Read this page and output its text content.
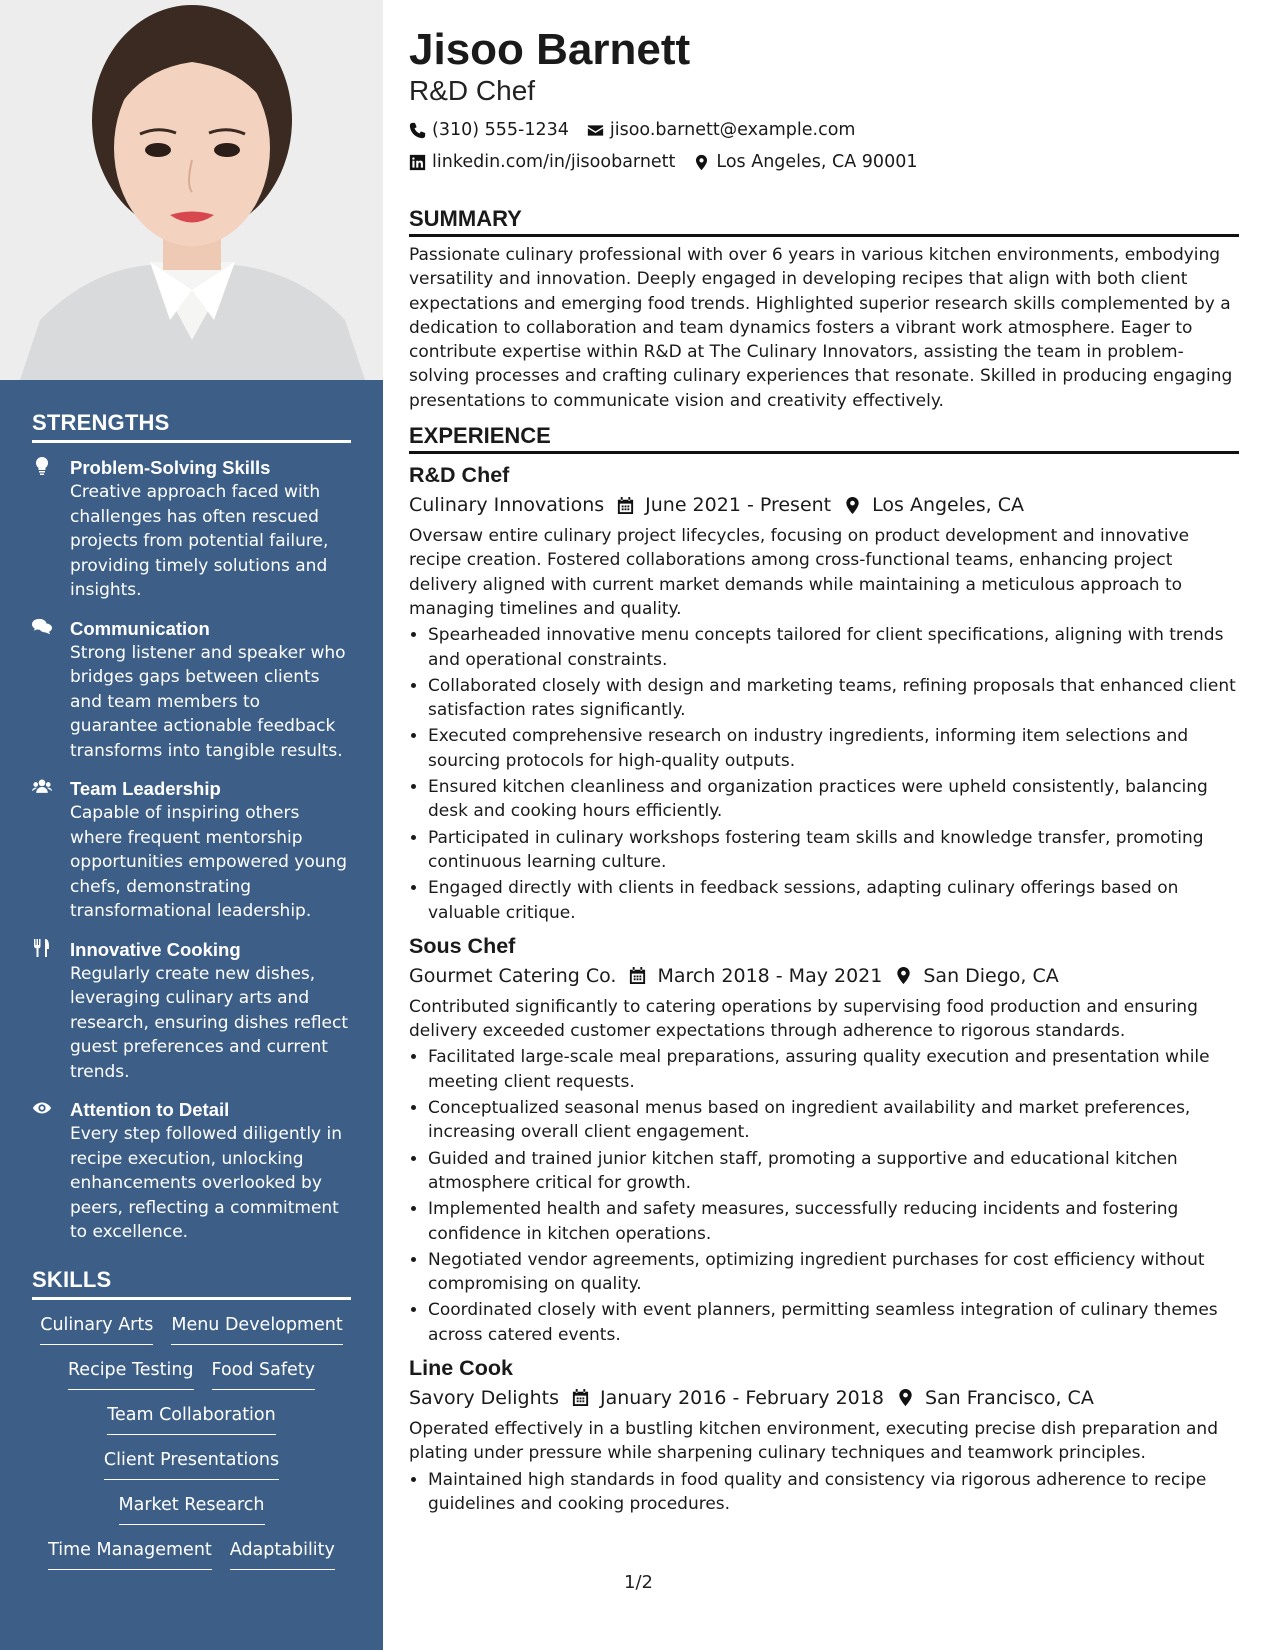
STRENGTHS
Problem-Solving Skills
Creative approach faced with challenges has often rescued projects from potential failure, providing timely solutions and insights.
Communication
Strong listener and speaker who bridges gaps between clients and team members to guarantee actionable feedback transforms into tangible results.
Team Leadership
Capable of inspiring others where frequent mentorship opportunities empowered young chefs, demonstrating transformational leadership.
Innovative Cooking
Regularly create new dishes, leveraging culinary arts and research, ensuring dishes reflect guest preferences and current trends.
Attention to Detail
Every step followed diligently in recipe execution, unlocking enhancements overlooked by peers, reflecting a commitment to excellence.
SKILLS
Culinary Arts Menu Development
Recipe Testing Food Safety
Team Collaboration
Client Presentations
Market Research
Time Management Adaptability
Jisoo Barnett
R&D Chef
(310) 555-1234 jisoo.barnett@example.com
linkedin.com/in/jisoobarnett Los Angeles, CA 90001
SUMMARY

Passionate culinary professional with over 6 years in various kitchen environments, embodying versatility and innovation. Deeply engaged in developing recipes that align with both client expectations and emerging food trends. Highlighted superior research skills complemented by a dedication to collaboration and team dynamics fosters a vibrant work atmosphere. Eager to contribute expertise within R&D at The Culinary Innovators, assisting the team in problem-solving processes and crafting culinary experiences that resonate. Skilled in producing engaging presentations to communicate vision and creativity effectively.

EXPERIENCE
R&D Chef
Culinary Innovations June 2021 - Present Los Angeles, CA

Oversaw entire culinary project lifecycles, focusing on product development and innovative recipe creation. Fostered collaborations among cross-functional teams, enhancing project delivery aligned with current market demands while maintaining a meticulous approach to managing timelines and quality.

• Spearheaded innovative menu concepts tailored for client specifications, aligning with trends and operational constraints.
• Collaborated closely with design and marketing teams, refining proposals that enhanced client satisfaction rates significantly.
• Executed comprehensive research on industry ingredients, informing item selections and sourcing protocols for high-quality outputs.
• Ensured kitchen cleanliness and organization practices were upheld consistently, balancing desk and cooking hours efficiently.
• Participated in culinary workshops fostering team skills and knowledge transfer, promoting continuous learning culture.
• Engaged directly with clients in feedback sessions, adapting culinary offerings based on valuable critique.
Sous Chef
Gourmet Catering Co. March 2018 - May 2021 San Diego, CA

Contributed significantly to catering operations by supervising food production and ensuring delivery exceeded customer expectations through adherence to rigorous standards.

• Facilitated large-scale meal preparations, assuring quality execution and presentation while meeting client requests.
• Conceptualized seasonal menus based on ingredient availability and market preferences, increasing overall client engagement.
• Guided and trained junior kitchen staff, promoting a supportive and educational kitchen atmosphere critical for growth.
• Implemented health and safety measures, successfully reducing incidents and fostering confidence in kitchen operations.
• Negotiated vendor agreements, optimizing ingredient purchases for cost efficiency without compromising on quality.
• Coordinated closely with event planners, permitting seamless integration of culinary themes across catered events.
Line Cook
Savory Delights January 2016 - February 2018 San Francisco, CA

Operated effectively in a bustling kitchen environment, executing precise dish preparation and plating under pressure while sharpening culinary techniques and teamwork principles.

• Maintained high standards in food quality and consistency via rigorous adherence to recipe guidelines and cooking procedures.
1/2
